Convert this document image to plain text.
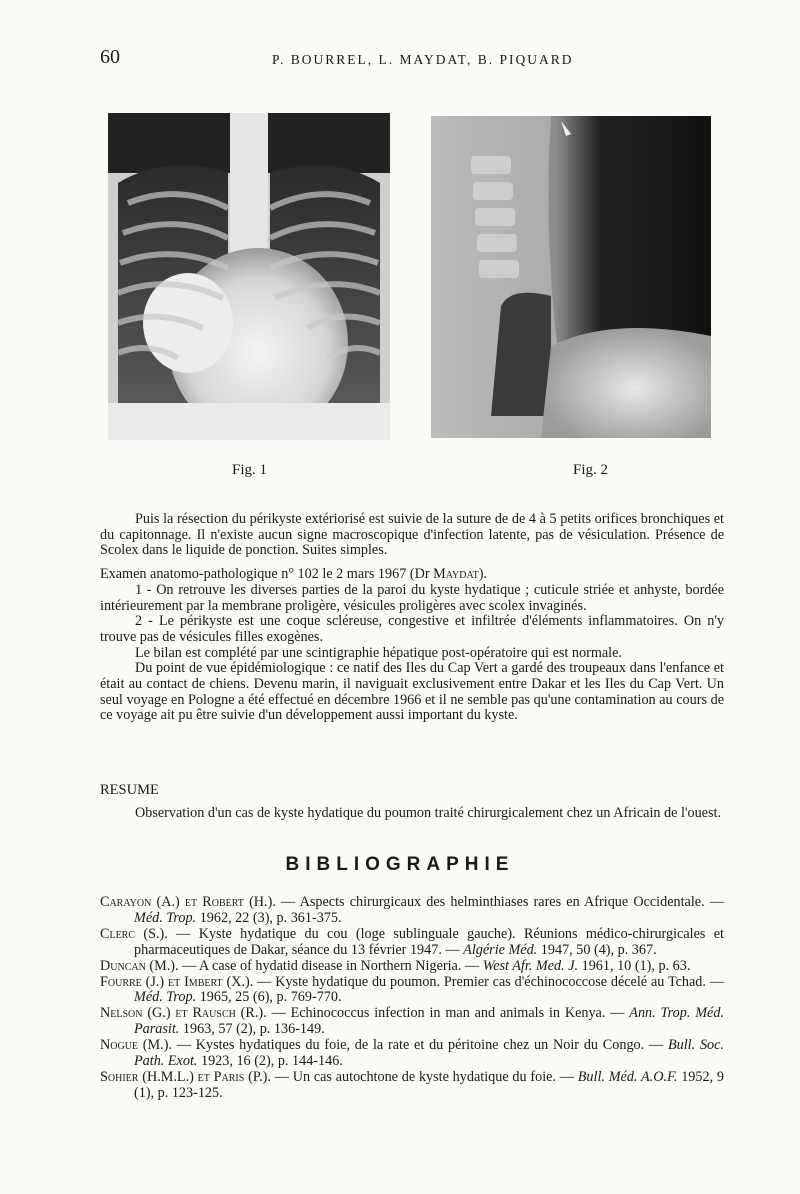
60	P. BOURREL, L. MAYDAT, B. PIQUARD
Fig. 1	Fig. 2

Puis la résection du périkyste extériorisé est suivie de la suture de de 4 à 5 petits orifices bronchiques et du capitonnage. Il n'existe aucun signe macroscopique d'infection latente, pas de vésiculation. Présence de Scolex dans le liquide de ponction. Suites simples.

Examen anatomo-pathologique n° 102 le 2 mars 1967 (Dr Maydat).

1 - On retrouve les diverses parties de la paroi du kyste hydatique ; cuticule striée et anhyste, bordée intérieurement par la membrane proligère, vésicules proligères avec scolex invaginés.

2 - Le périkyste est une coque scléreuse, congestive et infiltrée d'éléments inflammatoires. On n'y trouve pas de vésicules filles exogènes.

Le bilan est complété par une scintigraphie hépatique post-opératoire qui est normale.

Du point de vue épidémiologique : ce natif des Iles du Cap Vert a gardé des troupeaux dans l'enfance et était au contact de chiens. Devenu marin, il naviguait exclusivement entre Dakar et les Iles du Cap Vert. Un seul voyage en Pologne a été effectué en décembre 1966 et il ne semble pas qu'une contamination au cours de ce voyage ait pu être suivie d'un développement aussi important du kyste.

RESUME
Observation d'un cas de kyste hydatique du poumon traité chirurgicalement chez un Africain de l'ouest.
BIBLIOGRAPHIE
Carayon (A.) et Robert (H.). — Aspects chirurgicaux des helminthiases rares en Afrique Occidentale. — Méd. Trop. 1962, 22 (3), p. 361-375.
Clerc (S.). — Kyste hydatique du cou (loge sublinguale gauche). Réunions médico-chirurgicales et pharmaceutiques de Dakar, séance du 13 février 1947. — Algérie Méd. 1947, 50 (4), p. 367.
Duncan (M.). — A case of hydatid disease in Northern Nigeria. — West Afr. Med. J. 1961, 10 (1), p. 63.
Fourre (J.) et Imbert (X.). — Kyste hydatique du poumon. Premier cas d'échinococcose décelé au Tchad. — Méd. Trop. 1965, 25 (6), p. 769-770.
Nelson (G.) et Rausch (R.). — Echinococcus infection in man and animals in Kenya. — Ann. Trop. Méd. Parasit. 1963, 57 (2), p. 136-149.
Nogue (M.). — Kystes hydatiques du foie, de la rate et du péritoine chez un Noir du Congo. — Bull. Soc. Path. Exot. 1923, 16 (2), p. 144-146.
Sohier (H.M.L.) et Paris (P.). — Un cas autochtone de kyste hydatique du foie. — Bull. Méd. A.O.F. 1952, 9 (1), p. 123-125.
